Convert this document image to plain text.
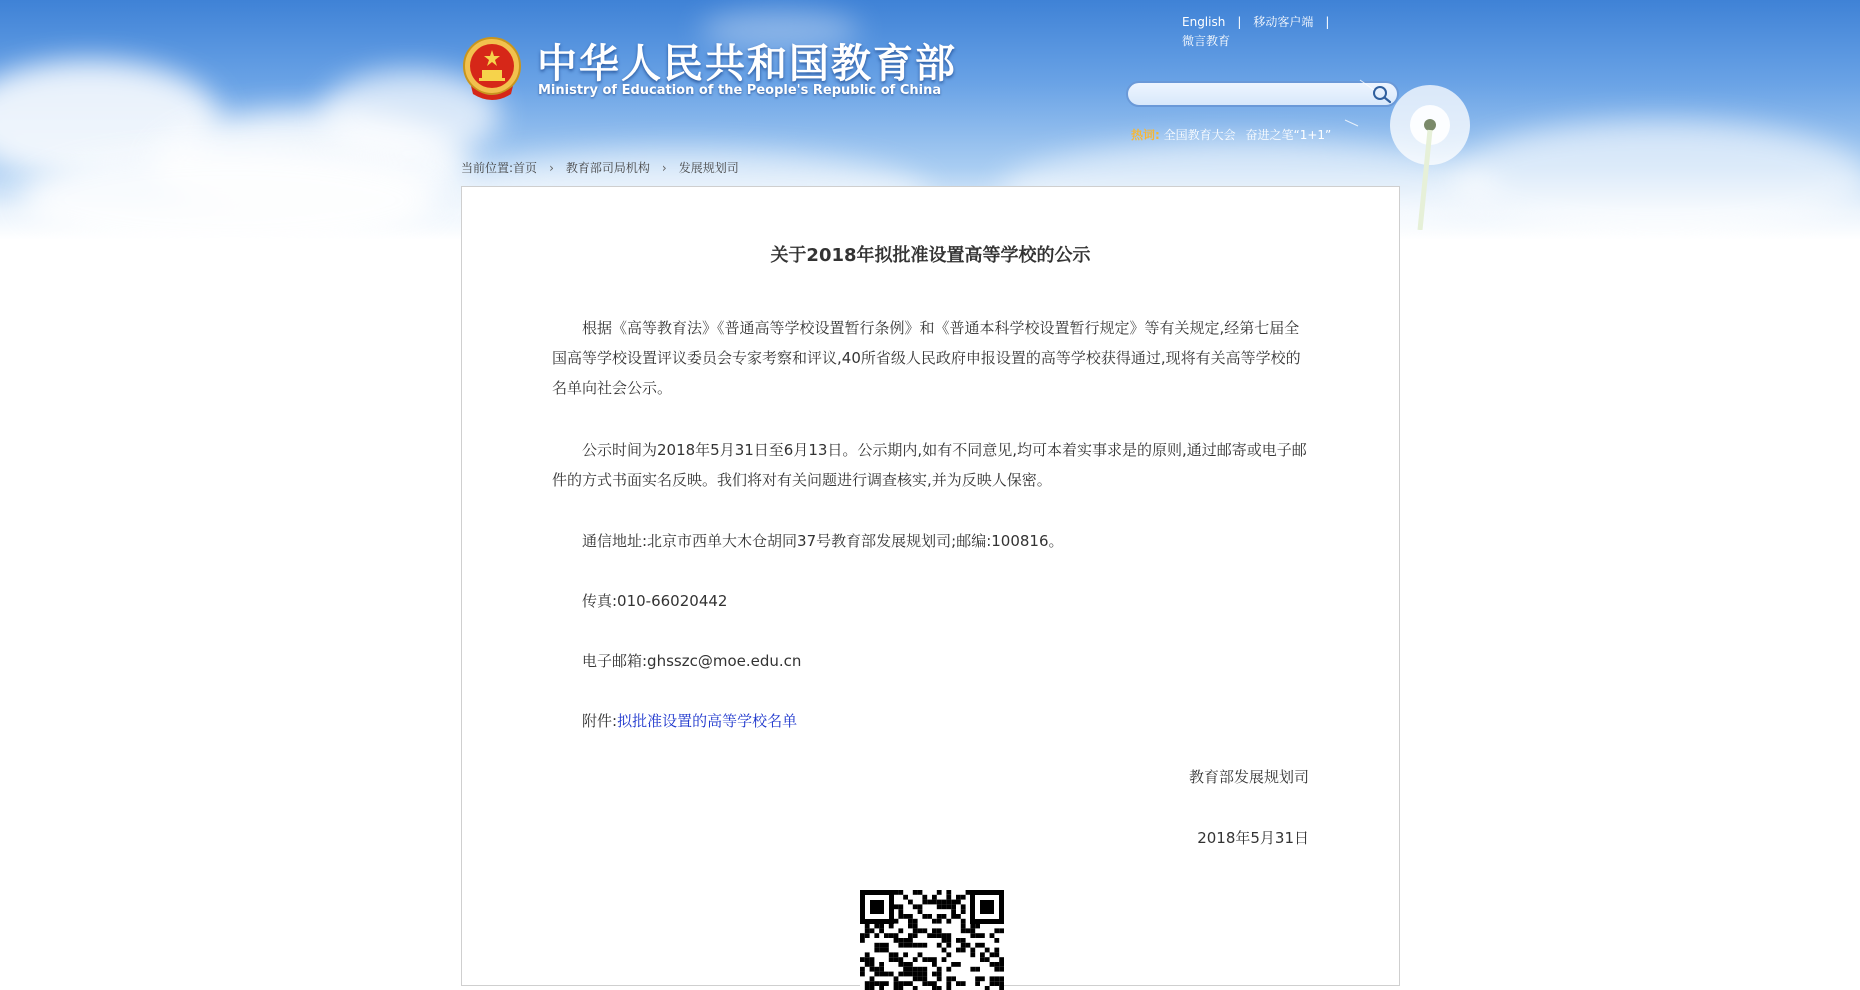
中华人民共和国教育部
Ministry of Education of the People's Republic of China
English | 移动客户端 |
微言教育
热词: 全国教育大会 奋进之笔“1+1”
当前位置:首页 › 教育部司局机构 › 发展规划司
关于2018年拟批准设置高等学校的公示
根据《高等教育法》《普通高等学校设置暂行条例》和《普通本科学校设置暂行规定》等有关规定,经第七届全国高等学校设置评议委员会专家考察和评议,40所省级人民政府申报设置的高等学校获得通过,现将有关高等学校的名单向社会公示。
公示时间为2018年5月31日至6月13日。公示期内,如有不同意见,均可本着实事求是的原则,通过邮寄或电子邮件的方式书面实名反映。我们将对有关问题进行调查核实,并为反映人保密。
通信地址:北京市西单大木仓胡同37号教育部发展规划司;邮编:100816。
传真:010-66020442
电子邮箱:ghsszc@moe.edu.cn
附件:拟批准设置的高等学校名单
教育部发展规划司
2018年5月31日
